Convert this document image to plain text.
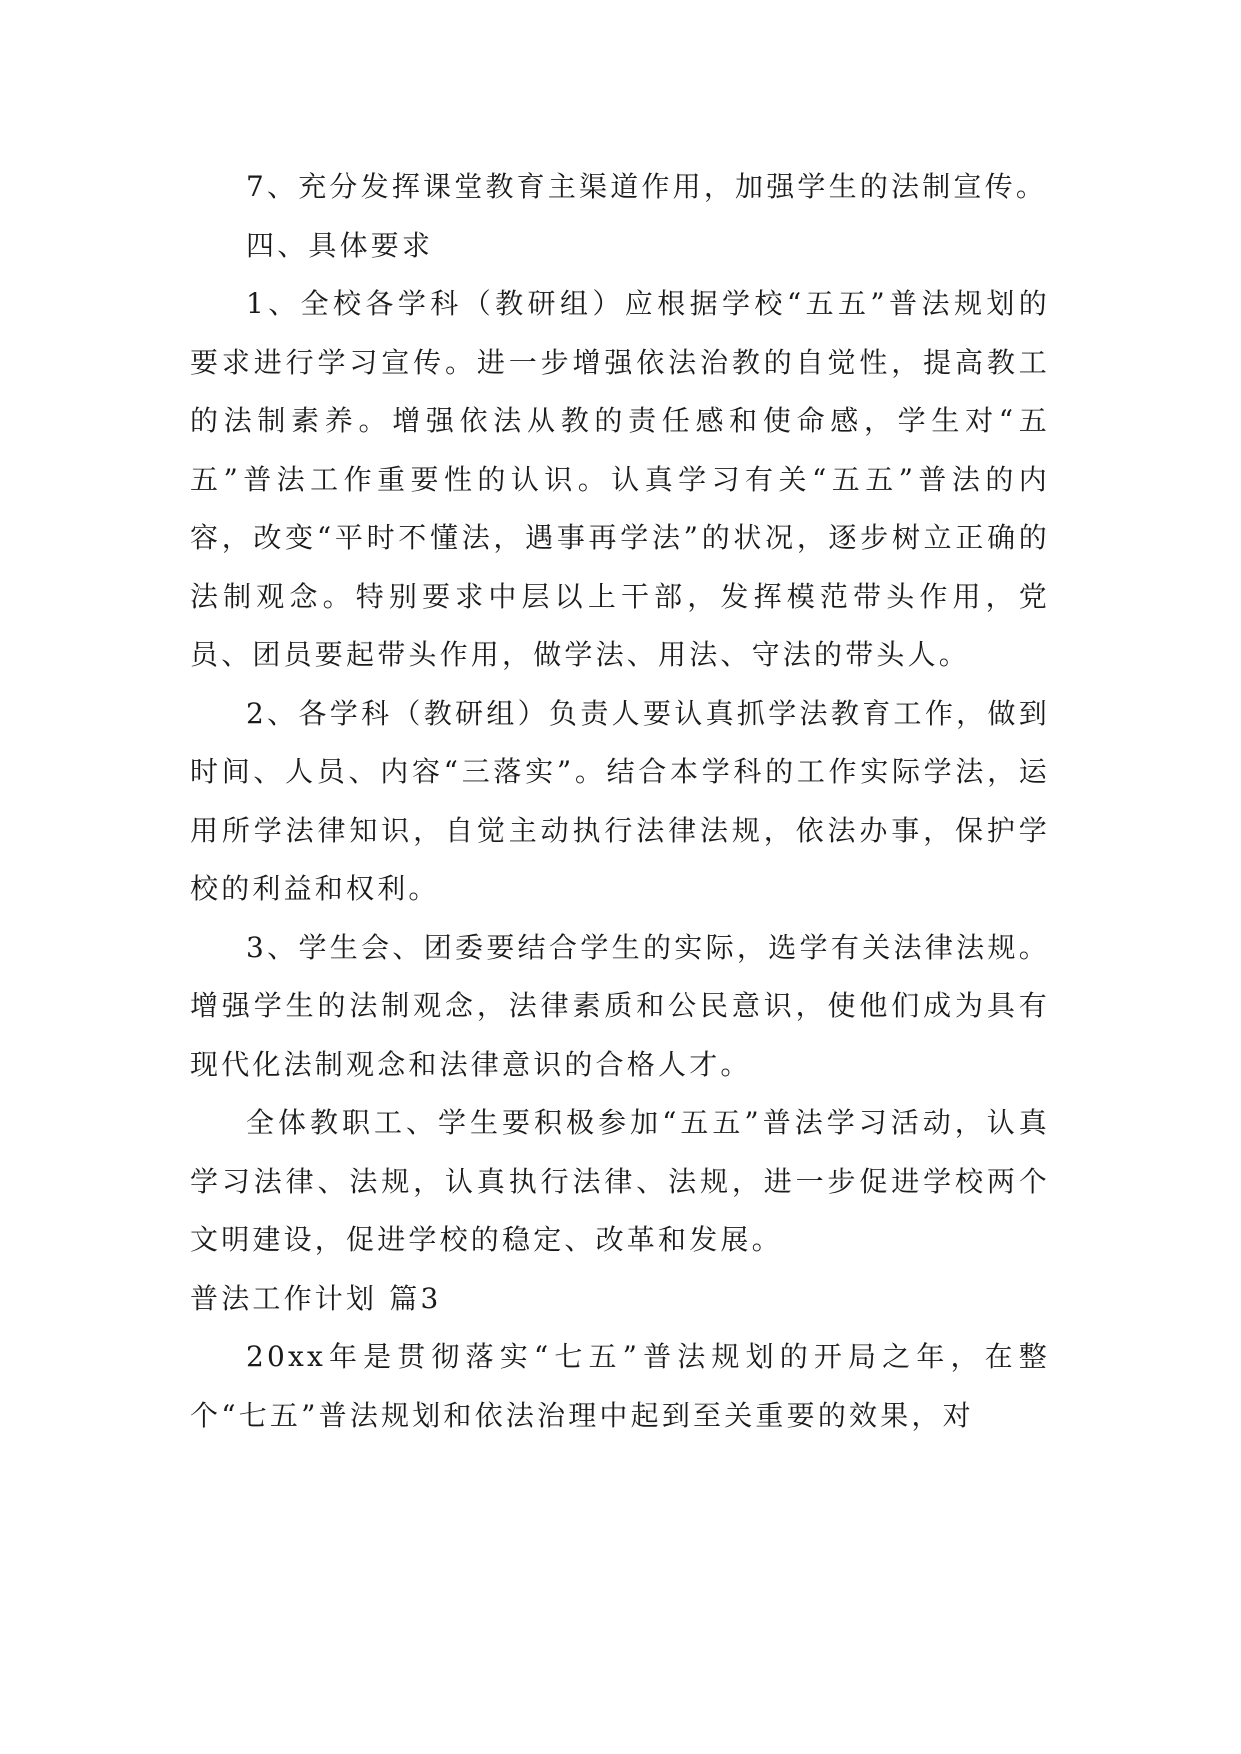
7、充分发挥课堂教育主渠道作用，加强学生的法制宣传。

四、具体要求

1、全校各学科（教研组）应根据学校“五五”普法规划的要求进行学习宣传。进一步增强依法治教的自觉性，提高教工的法制素养。增强依法从教的责任感和使命感，学生对“五五”普法工作重要性的认识。认真学习有关“五五”普法的内容，改变“平时不懂法，遇事再学法”的状况，逐步树立正确的法制观念。特别要求中层以上干部，发挥模范带头作用，党员、团员要起带头作用，做学法、用法、守法的带头人。

2、各学科（教研组）负责人要认真抓学法教育工作，做到时间、人员、内容“三落实”。结合本学科的工作实际学法，运用所学法律知识，自觉主动执行法律法规，依法办事，保护学校的利益和权利。

3、学生会、团委要结合学生的实际，选学有关法律法规。增强学生的法制观念，法律素质和公民意识，使他们成为具有现代化法制观念和法律意识的合格人才。

全体教职工、学生要积极参加“五五”普法学习活动，认真学习法律、法规，认真执行法律、法规，进一步促进学校两个文明建设，促进学校的稳定、改革和发展。

普法工作计划 篇3

20xx年是贯彻落实“七五”普法规划的开局之年，在整个“七五”普法规划和依法治理中起到至关重要的效果，对
